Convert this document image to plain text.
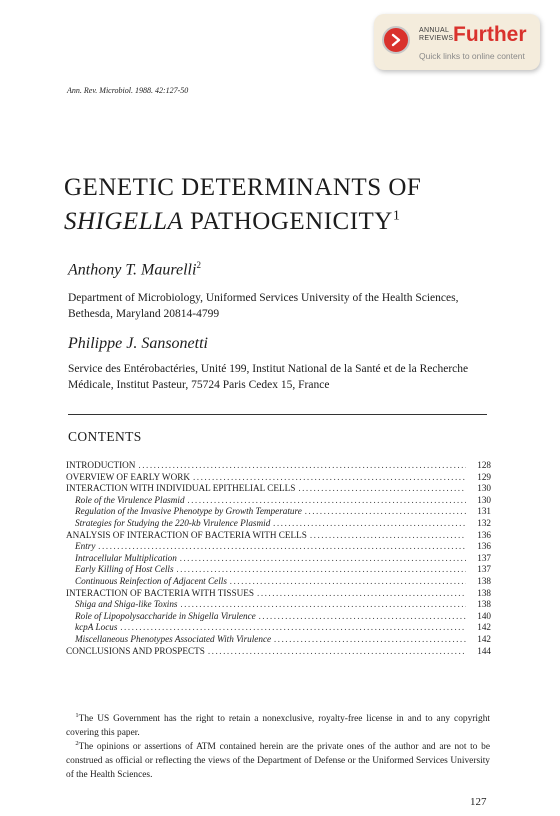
ANNUAL
REVIEWS Further
Quick links to online content
Ann. Rev. Microbiol. 1988. 42:127-50
GENETIC DETERMINANTS OF
SHIGELLA PATHOGENICITY$^1$
Anthony T. Maurelli$^2$
Department of Microbiology, Uniformed Services University of the Health Sciences,
Bethesda, Maryland 20814-4799
Philippe J. Sansonetti
Service des Entérobactéries, Unité 199, Institut National de la Santé et de la Recherche
Médicale, Institut Pasteur, 75724 Paris Cedex 15, France
CONTENTS
INTRODUCTION .....	128
OVERVIEW OF EARLY WORK .....	129
INTERACTION WITH INDIVIDUAL EPITHELIAL CELLS .....	130
Role of the Virulence Plasmid .....	130
Regulation of the Invasive Phenotype by Growth Temperature .....	131
Strategies for Studying the 220-kb Virulence Plasmid .....	132
ANALYSIS OF INTERACTION OF BACTERIA WITH CELLS .....	136
Entry .....	136
Intracellular Multiplication .....	137
Early Killing of Host Cells .....	137
Continuous Reinfection of Adjacent Cells .....	138
INTERACTION OF BACTERIA WITH TISSUES .....	138
Shiga and Shiga-like Toxins .....	138
Role of Lipopolysaccharide in Shigella Virulence .....	140
kcpA Locus .....	142
Miscellaneous Phenotypes Associated With Virulence .....	142
CONCLUSIONS AND PROSPECTS .....	144
 $^1$The US Government has the right to retain a nonexclusive, royalty-free license in and to any copyright covering this paper.
 $^2$The opinions or assertions of ATM contained herein are the private ones of the author and are not to be construed as official or reflecting the views of the Department of Defense or the Uniformed Services University of the Health Sciences.
127
